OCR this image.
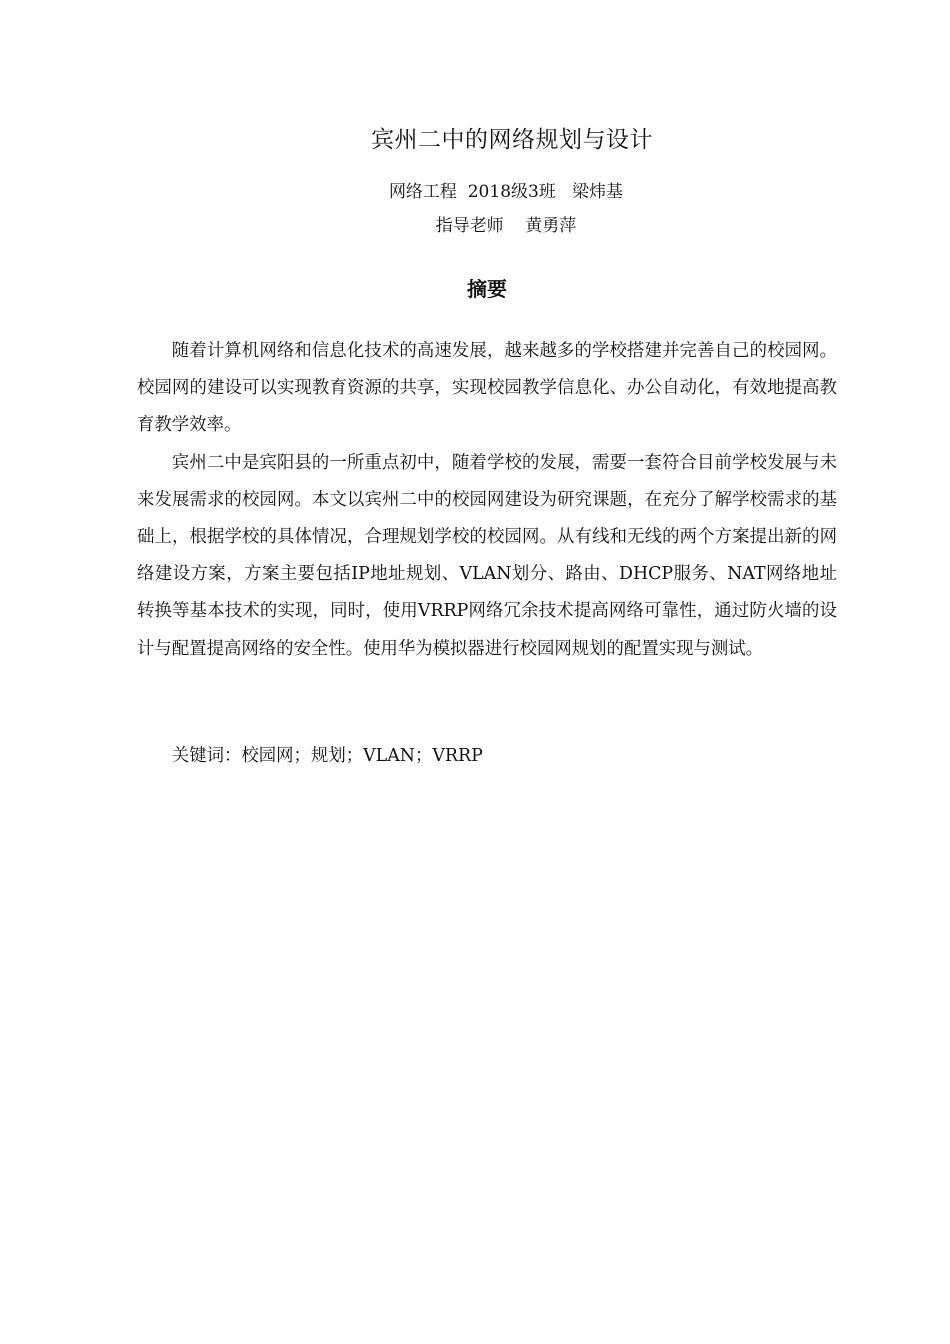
宾州二中的网络规划与设计
网络工程  2018级3班   梁炜基
指导老师    黄勇萍
摘要

随着计算机网络和信息化技术的高速发展，越来越多的学校搭建并完善自己的校园网。校园网的建设可以实现教育资源的共享，实现校园教学信息化、办公自动化，有效地提高教育教学效率。

宾州二中是宾阳县的一所重点初中，随着学校的发展，需要一套符合目前学校发展与未来发展需求的校园网。本文以宾州二中的校园网建设为研究课题，在充分了解学校需求的基础上，根据学校的具体情况，合理规划学校的校园网。从有线和无线的两个方案提出新的网络建设方案，方案主要包括IP地址规划、VLAN划分、路由、DHCP服务、NAT网络地址转换等基本技术的实现，同时，使用VRRP网络冗余技术提高网络可靠性，通过防火墙的设计与配置提高网络的安全性。使用华为模拟器进行校园网规划的配置实现与测试。

关键词：校园网；规划；VLAN；VRRP
